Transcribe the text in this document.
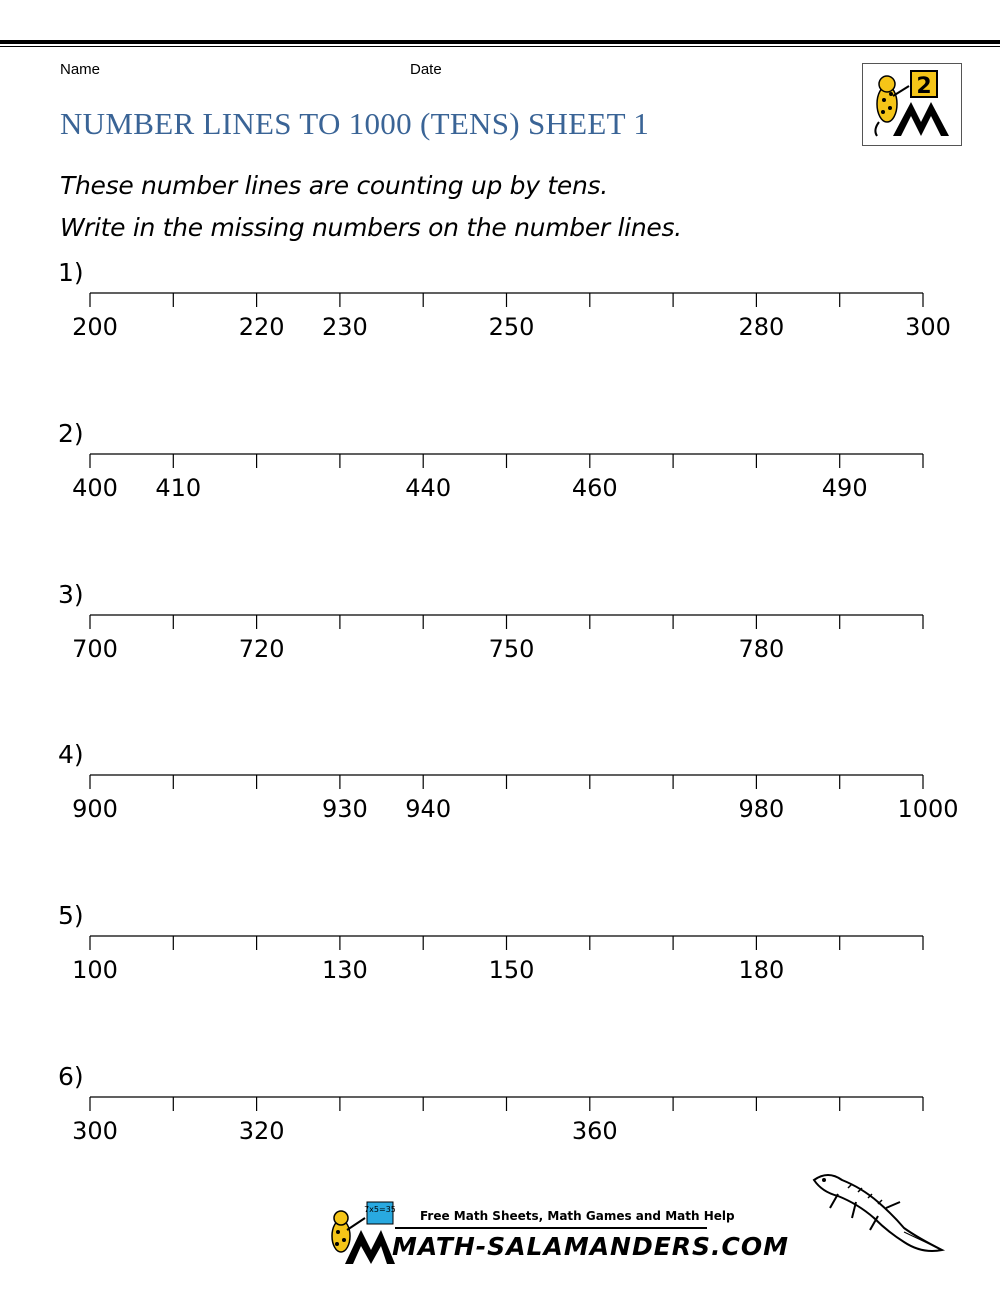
Name	Date
NUMBER LINES TO 1000 (TENS) SHEET 1
2
These number lines are counting up by tens.
Write in the missing numbers on the number lines.
1)
200	220 230	250	280	300
2)
400 410	440	460	490
3)
700	720	750	780
4)
900	930 940	980	1000
5)
100	130	150	180
6)
300	320	360
7x5=35 Free Math Sheets, Math Games and Math Help
MATH-SALAMANDERS.COM
